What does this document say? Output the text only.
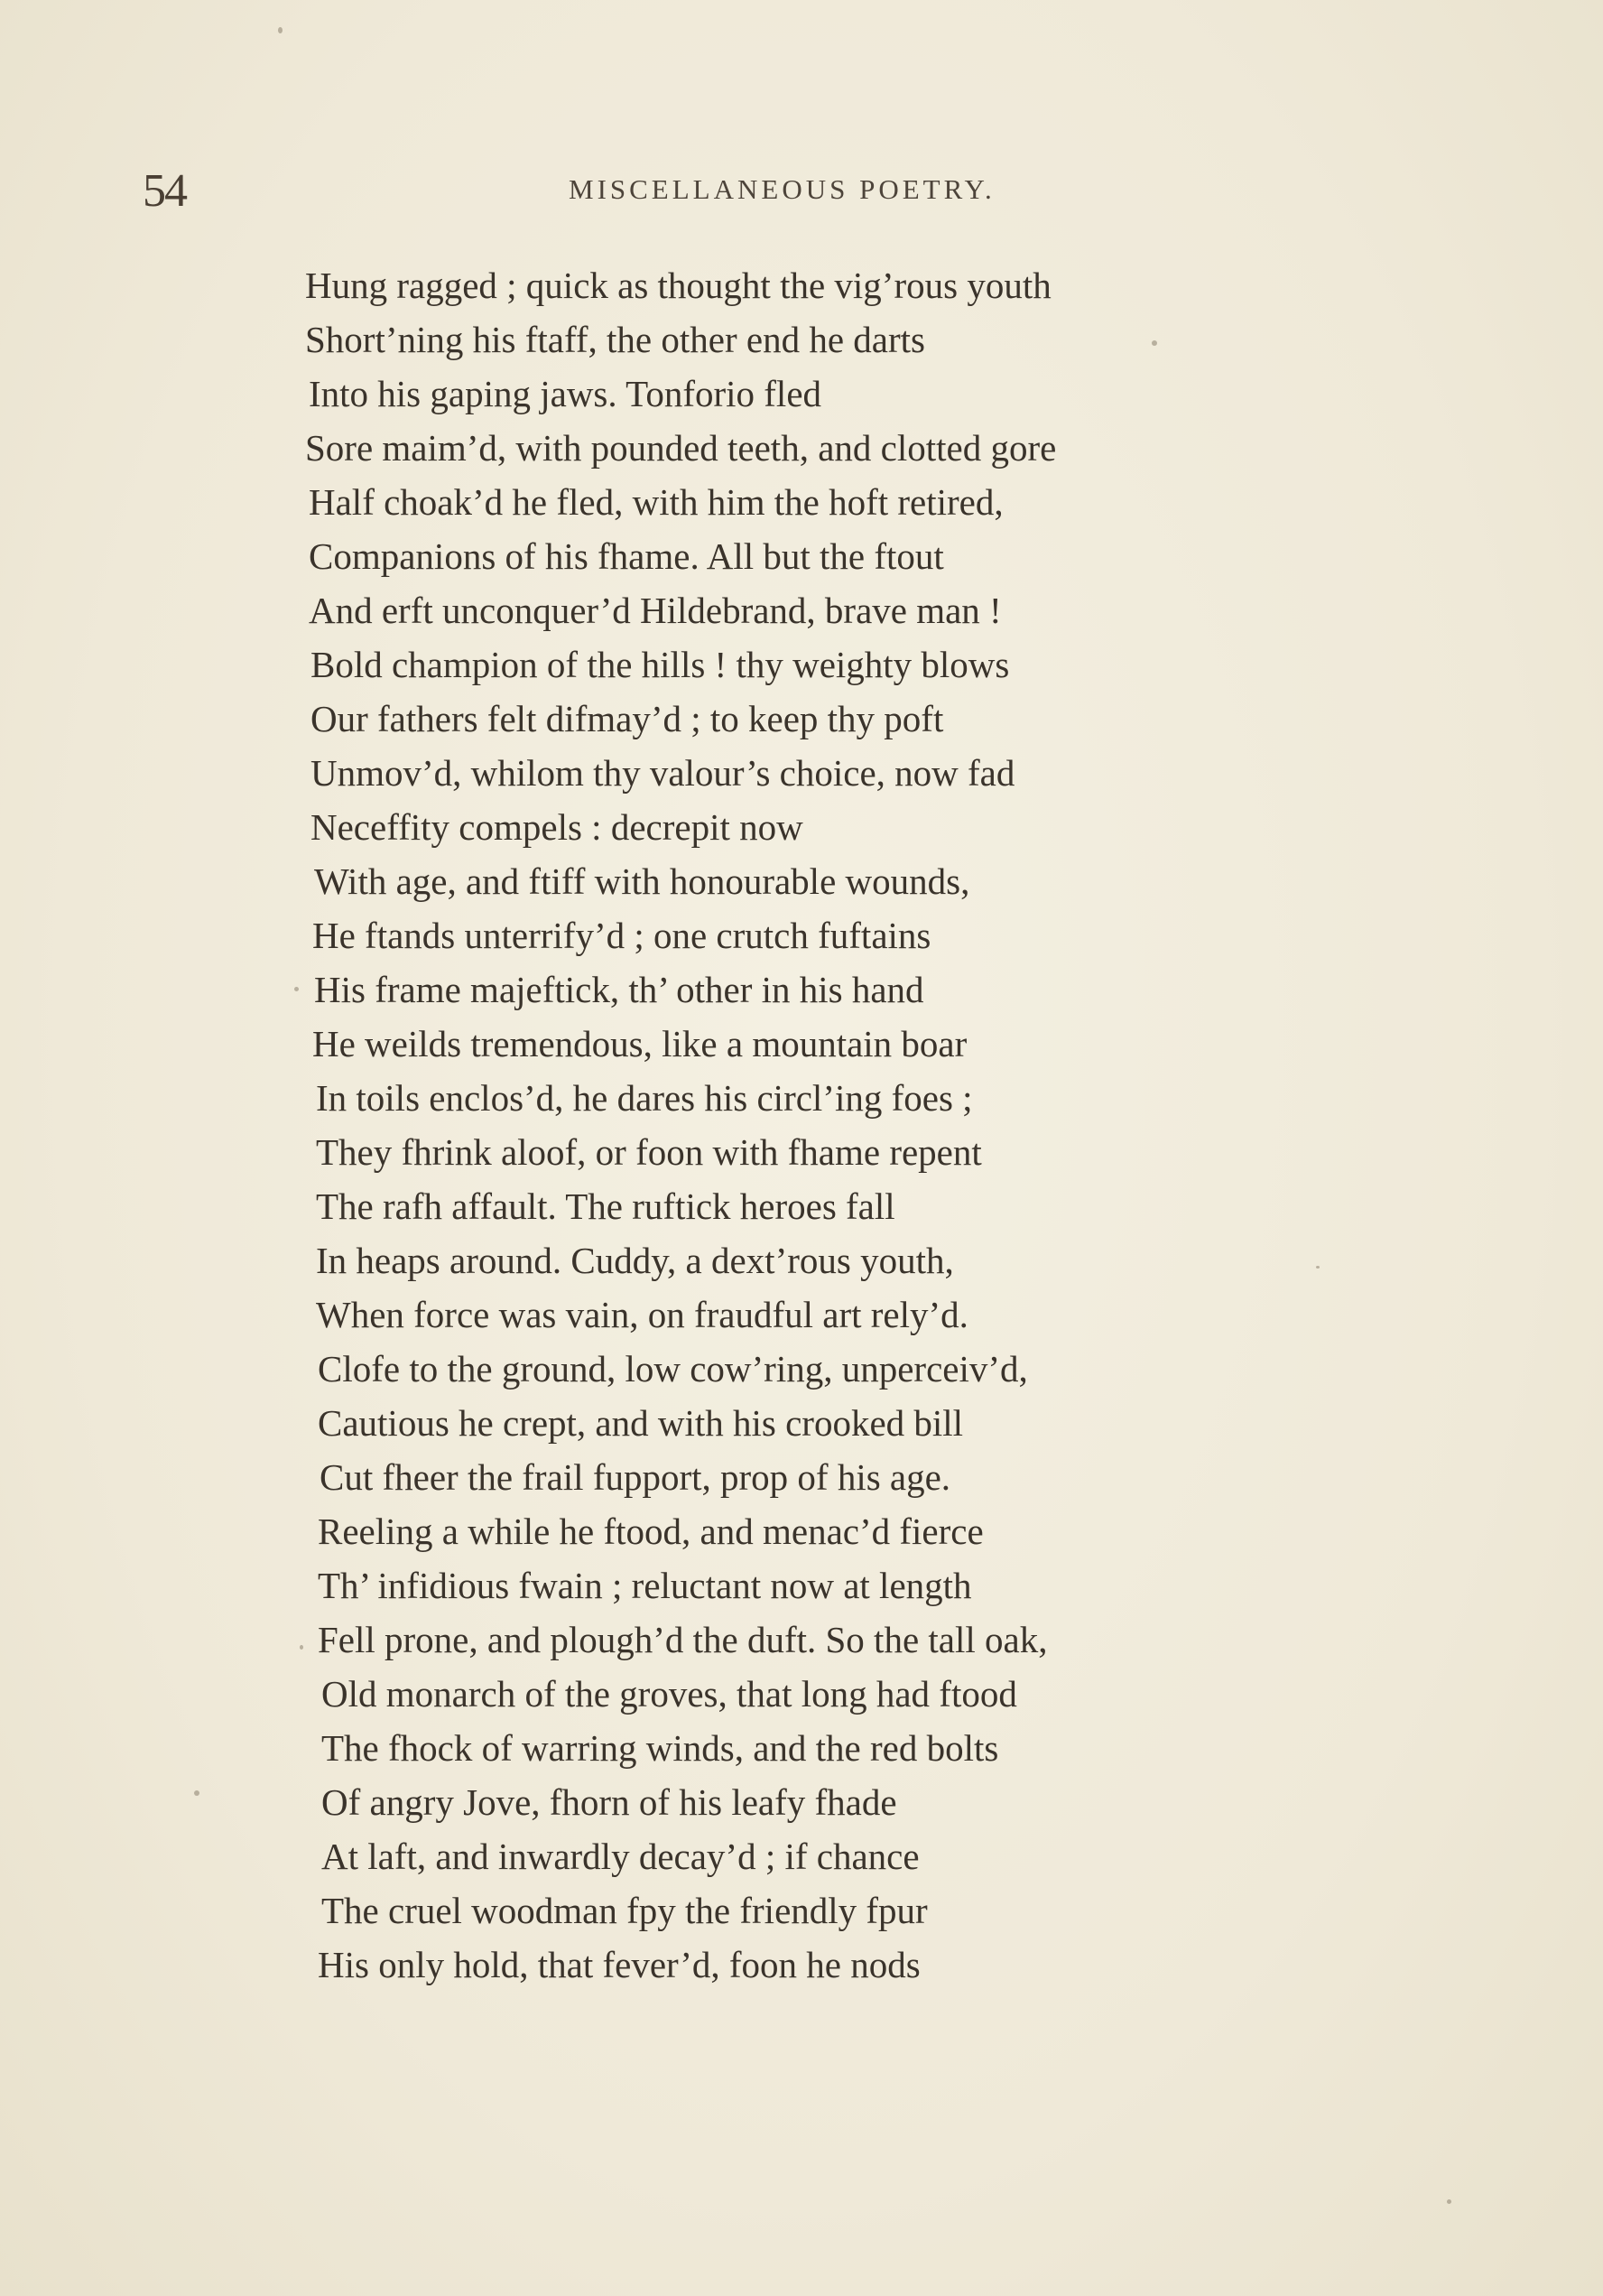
54	MISCELLANEOUS POETRY.
Hung ragged ; quick as thought the vig’rous youth
Short’ning his ftaff, the other end he darts
Into his gaping jaws. Tonforio fled
Sore maim’d, with pounded teeth, and clotted gore
Half choak’d he fled, with him the hoft retired,
Companions of his fhame. All but the ftout
And erft unconquer’d Hildebrand, brave man !
Bold champion of the hills ! thy weighty blows
Our fathers felt difmay’d ; to keep thy poft
Unmov’d, whilom thy valour’s choice, now fad
Neceffity compels : decrepit now
With age, and ftiff with honourable wounds,
He ftands unterrify’d ; one crutch fuftains
His frame majeftick, th’ other in his hand
He weilds tremendous, like a mountain boar
In toils enclos’d, he dares his circl’ing foes ;
They fhrink aloof, or foon with fhame repent
The rafh affault. The ruftick heroes fall
In heaps around. Cuddy, a dext’rous youth,
When force was vain, on fraudful art rely’d.
Clofe to the ground, low cow’ring, unperceiv’d,
Cautious he crept, and with his crooked bill
Cut fheer the frail fupport, prop of his age.
Reeling a while he ftood, and menac’d fierce
Th’ infidious fwain ; reluctant now at length
Fell prone, and plough’d the duft. So the tall oak,
Old monarch of the groves, that long had ftood
The fhock of warring winds, and the red bolts
Of angry Jove, fhorn of his leafy fhade
At laft, and inwardly decay’d ; if chance
The cruel woodman fpy the friendly fpur
His only hold, that fever’d, foon he nods
